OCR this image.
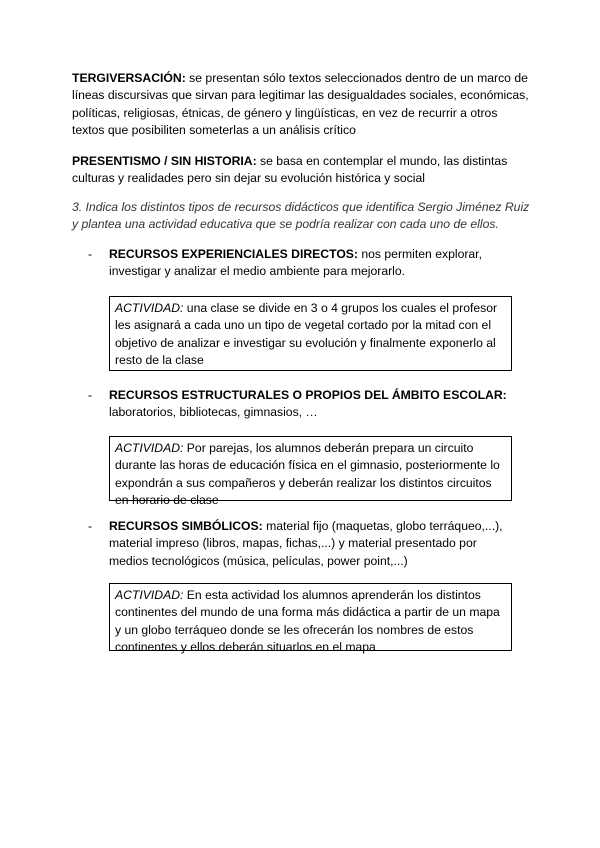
TERGIVERSACIÓN: se presentan sólo textos seleccionados dentro de un marco de líneas discursivas que sirvan para legitimar las desigualdades sociales, económicas, políticas, religiosas, étnicas, de género y lingüísticas, en vez de recurrir a otros textos que posibiliten someterlas a un análisis crítico
PRESENTISMO / SIN HISTORIA: se basa en contemplar el mundo, las distintas culturas y realidades pero sin dejar su evolución histórica y social
3. Indica los distintos tipos de recursos didácticos que identifica Sergio Jiménez Ruiz y plantea una actividad educativa que se podría realizar con cada uno de ellos.
- RECURSOS EXPERIENCIALES DIRECTOS: nos permiten explorar, investigar y analizar el medio ambiente para mejorarlo.
ACTIVIDAD: una clase se divide en 3 o 4 grupos los cuales el profesor les asignará a cada uno un tipo de vegetal cortado por la mitad con el objetivo de analizar e investigar su evolución y finalmente exponerlo al resto de la clase
- RECURSOS ESTRUCTURALES O PROPIOS DEL ÁMBITO ESCOLAR: laboratorios, bibliotecas, gimnasios, …
ACTIVIDAD: Por parejas, los alumnos deberán prepara un circuito durante las horas de educación física en el gimnasio, posteriormente lo expondrán a sus compañeros y deberán realizar los distintos circuitos en horario de clase
- RECURSOS SIMBÓLICOS: material fijo (maquetas, globo terráqueo,...), material impreso (libros, mapas, fichas,...) y material presentado por medios tecnológicos (música, películas, power point,...)
ACTIVIDAD: En esta actividad los alumnos aprenderán los distintos continentes del mundo de una forma más didáctica a partir de un mapa y un globo terráqueo donde se les ofrecerán los nombres de estos continentes y ellos deberán situarlos en el mapa
